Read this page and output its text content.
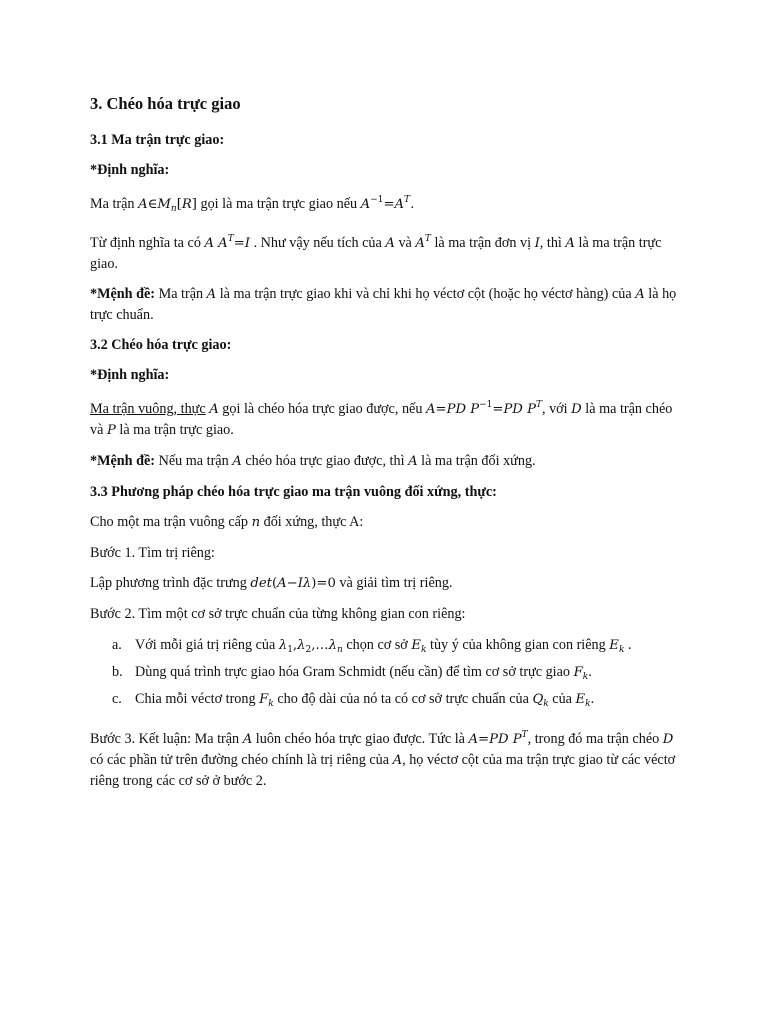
3. Chéo hóa trực giao
3.1 Ma trận trực giao:

*Định nghĩa:

Ma trận $A\in M_n[R]$ gọi là ma trận trực giao nếu $A^{-1}=A^T$.

Từ định nghĩa ta có A $A^T=I$ . Như vậy nếu tích của A và $A^T$ là ma trận đơn vị I, thì A là ma trận trực giao.

*Mệnh đề: Ma trận A là ma trận trực giao khi và chỉ khi họ véctơ cột (hoặc họ véctơ hàng) của A là họ trực chuẩn.

3.2 Chéo hóa trực giao:

*Định nghĩa:

Ma trận vuông, thực A gọi là chéo hóa trực giao được, nếu A=PD $P^{-1}=PD$ $P^T$, với D là ma trận chéo và P là ma trận trực giao.

*Mệnh đề: Nếu ma trận A chéo hóa trực giao được, thì A là ma trận đối xứng.

3.3 Phương pháp chéo hóa trực giao ma trận vuông đối xứng, thực:

Cho một ma trận vuông cấp n đối xứng, thực A:

Bước 1. Tìm trị riêng:

Lập phương trình đặc trưng det(A−Iλ)=0 và giải tìm trị riêng.

Bước 2. Tìm một cơ sở trực chuẩn của từng không gian con riêng:

a. Với mỗi giá trị riêng của $\lambda_1,\lambda_2,\dots\lambda_n$ chọn cơ sở $E_k$ tùy ý của không gian con riêng $E_k$ .
b. Dùng quá trình trực giao hóa Gram Schmidt (nếu cần) để tìm cơ sở trực giao $F_k$.
c. Chia mỗi véctơ trong $F_k$ cho độ dài của nó ta có cơ sở trực chuẩn của $Q_k$ của $E_k$.

Bước 3. Kết luận: Ma trận A luôn chéo hóa trực giao được. Tức là A=PD $P^T$, trong đó ma trận chéo D có các phần tử trên đường chéo chính là trị riêng của A, họ véctơ cột của ma trận trực giao từ các véctơ riêng trong các cơ sở ở bước 2.
